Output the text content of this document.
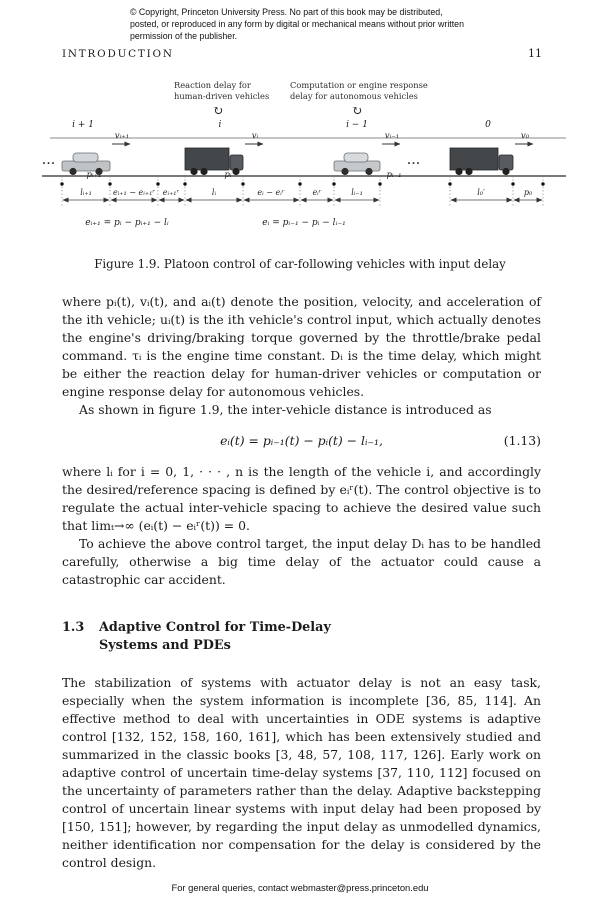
© Copyright, Princeton University Press. No part of this book may be distributed, posted, or reproduced in any form by digital or mechanical means without prior written permission of the publisher.
INTRODUCTION	11
Reaction delay for
human-driven vehicles
Computation or engine response
delay for autonomous vehicles
↻	↻
i + 1	i	i − 1	0
vᵢ₊₁	vᵢ	vᵢ₋₁	v₀
...	...
pᵢ₊₁	pᵢ	pᵢ₋₁
lᵢ₊₁	eᵢ₊₁ − eᵢ₊₁ʳ eᵢ₊₁ʳ	lᵢ	eᵢ − eᵢʳ	eᵢʳ	lᵢ₋₁	l₀′	p₀
eᵢ₊₁ = pᵢ − pᵢ₊₁ − lᵢ	eᵢ = pᵢ₋₁ − pᵢ − lᵢ₋₁
Figure 1.9. Platoon control of car-following vehicles with input delay

where pᵢ(t), vᵢ(t), and aᵢ(t) denote the position, velocity, and acceleration of the ith vehicle; uᵢ(t) is the ith vehicle's control input, which actually denotes the engine's driving/braking torque governed by the throttle/brake pedal command. τᵢ is the engine time constant. Dᵢ is the time delay, which might be either the reaction delay for human-driver vehicles or computation or engine response delay for autonomous vehicles.

As shown in figure 1.9, the inter-vehicle distance is introduced as

eᵢ(t) = pᵢ₋₁(t) − pᵢ(t) − lᵢ₋₁,	(1.13)

where lᵢ for i = 0, 1, · · · , n is the length of the vehicle i, and accordingly the desired/reference spacing is defined by eᵢʳ(t). The control objective is to regulate the actual inter-vehicle spacing to achieve the desired value such that limₜ→∞ (eᵢ(t) − eᵢʳ(t)) = 0.

To achieve the above control target, the input delay Dᵢ has to be handled carefully, otherwise a big time delay of the actuator could cause a catastrophic car accident.

1.3	Adaptive Control for Time-Delay
Systems and PDEs

The stabilization of systems with actuator delay is not an easy task, especially when the system information is incomplete [36, 85, 114]. An effective method to deal with uncertainties in ODE systems is adaptive control [132, 152, 158, 160, 161], which has been extensively studied and summarized in the classic books [3, 48, 57, 108, 117, 126]. Early work on adaptive control of uncertain time-delay systems [37, 110, 112] focused on the uncertainty of parameters rather than the delay. Adaptive backstepping control of uncertain linear systems with input delay had been proposed by [150, 151]; however, by regarding the input delay as unmodelled dynamics, neither identification nor compensation for the delay is considered by the control design.

For general queries, contact webmaster@press.princeton.edu
